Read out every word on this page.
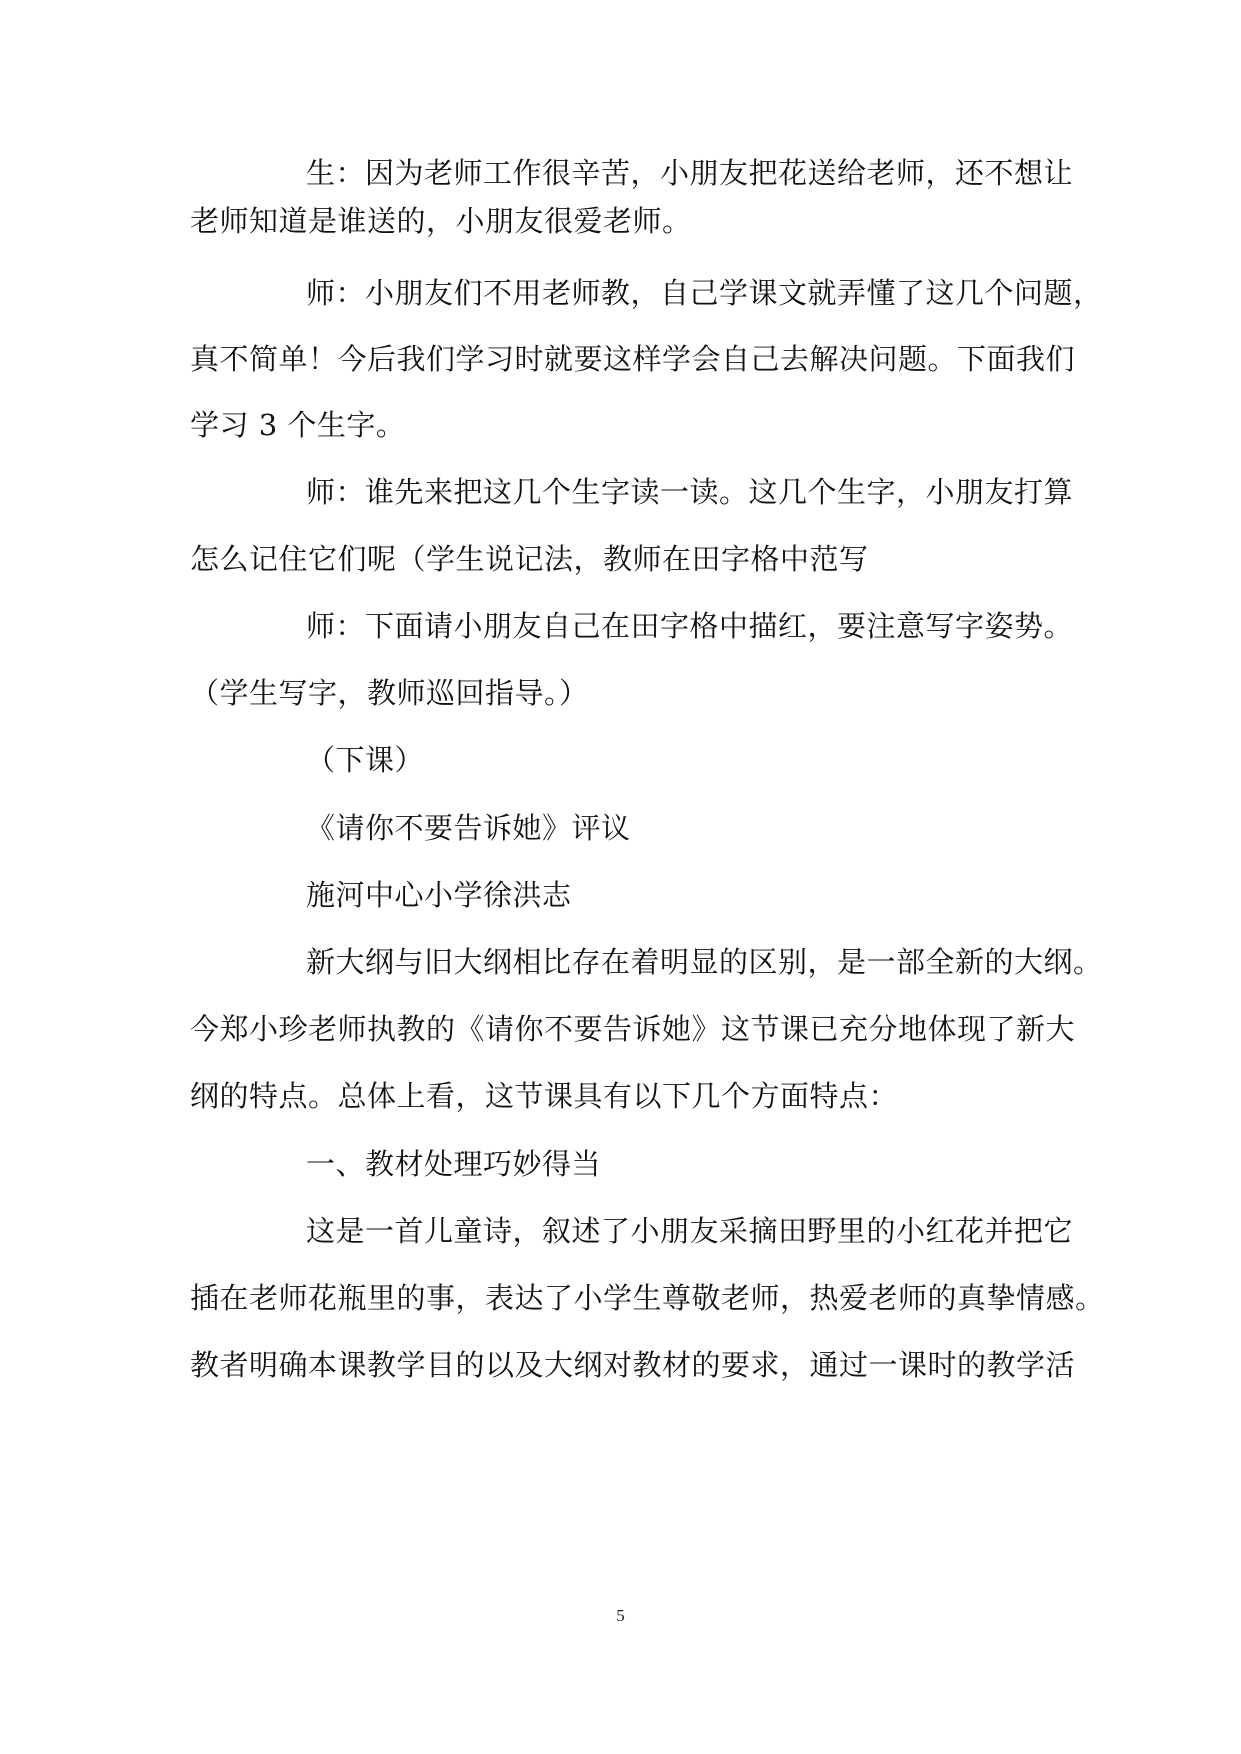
生：因为老师工作很辛苦，小朋友把花送给老师，还不想让
老师知道是谁送的，小朋友很爱老师。
师：小朋友们不用老师教，自己学课文就弄懂了这几个问题，
真不简单！今后我们学习时就要这样学会自己去解决问题。下面我们
学习 3 个生字。
师：谁先来把这几个生字读一读。这几个生字，小朋友打算
怎么记住它们呢（学生说记法，教师在田字格中范写
师：下面请小朋友自己在田字格中描红，要注意写字姿势。
（学生写字，教师巡回指导。）
（下课）
《请你不要告诉她》评议
施河中心小学徐洪志
新大纲与旧大纲相比存在着明显的区别，是一部全新的大纲。
今郑小珍老师执教的《请你不要告诉她》这节课已充分地体现了新大
纲的特点。总体上看，这节课具有以下几个方面特点：
一、教材处理巧妙得当
这是一首儿童诗，叙述了小朋友采摘田野里的小红花并把它
插在老师花瓶里的事，表达了小学生尊敬老师，热爱老师的真挚情感。
教者明确本课教学目的以及大纲对教材的要求，通过一课时的教学活
5
